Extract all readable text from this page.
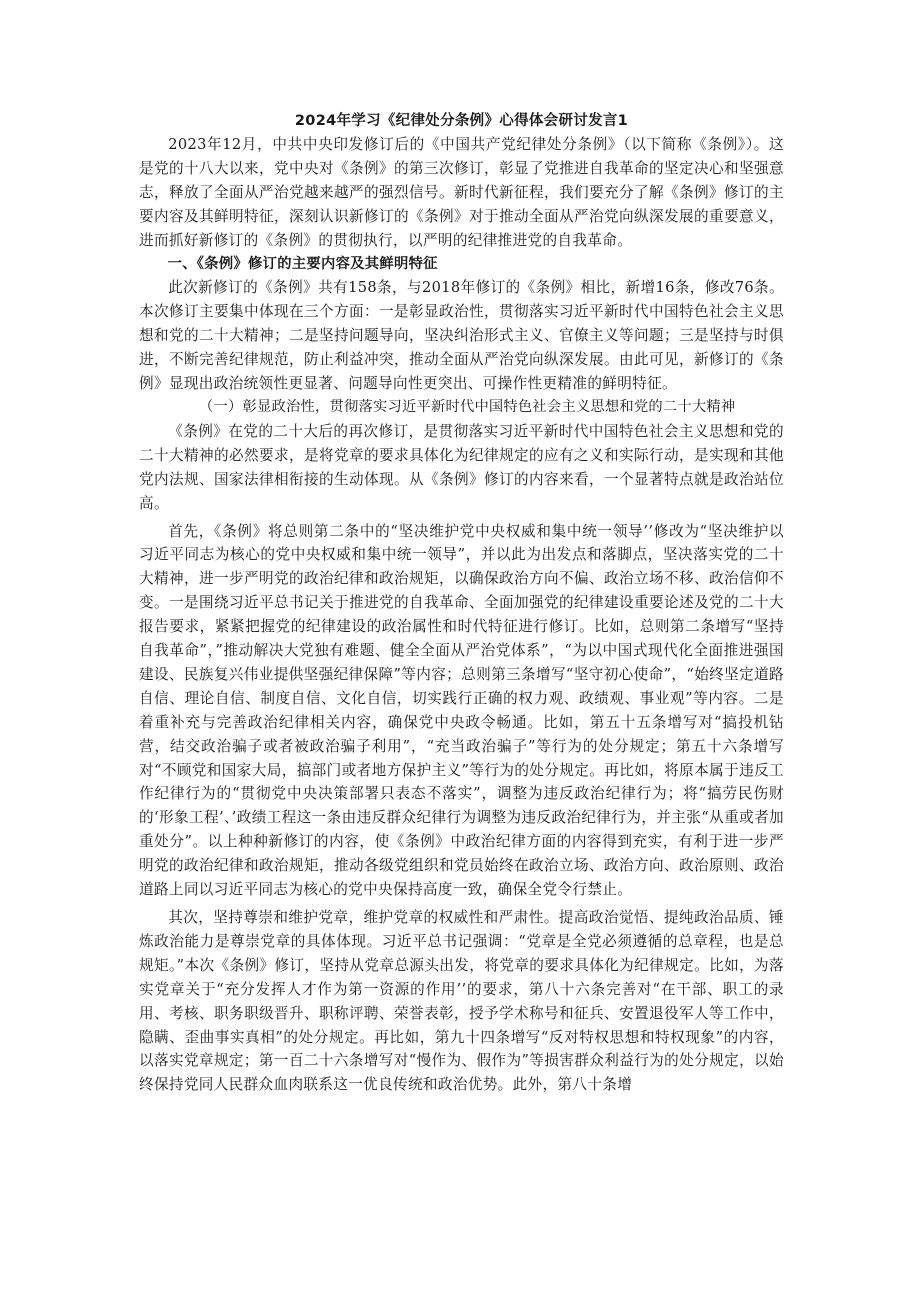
2024年学习《纪律处分条例》心得体会研讨发言1

2023年12月，中共中央印发修订后的《中国共产党纪律处分条例》（以下简称《条例》）。这是党的十八大以来，党中央对《条例》的第三次修订，彰显了党推进自我革命的坚定决心和坚强意志，释放了全面从严治党越来越严的强烈信号。新时代新征程，我们要充分了解《条例》修订的主要内容及其鲜明特征，深刻认识新修订的《条例》对于推动全面从严治党向纵深发展的重要意义，进而抓好新修订的《条例》的贯彻执行，以严明的纪律推进党的自我革命。

一、《条例》修订的主要内容及其鲜明特征

此次新修订的《条例》共有158条，与2018年修订的《条例》相比，新增16条，修改76条。本次修订主要集中体现在三个方面：一是彰显政治性，贯彻落实习近平新时代中国特色社会主义思想和党的二十大精神；二是坚持问题导向，坚决纠治形式主义、官僚主义等问题；三是坚持与时俱进，不断完善纪律规范，防止利益冲突，推动全面从严治党向纵深发展。由此可见，新修订的《条例》显现出政治统领性更显著、问题导向性更突出、可操作性更精准的鲜明特征。

（一）彰显政治性，贯彻落实习近平新时代中国特色社会主义思想和党的二十大精神

《条例》在党的二十大后的再次修订，是贯彻落实习近平新时代中国特色社会主义思想和党的二十大精神的必然要求，是将党章的要求具体化为纪律规定的应有之义和实际行动，是实现和其他党内法规、国家法律相衔接的生动体现。从《条例》修订的内容来看，一个显著特点就是政治站位高。

首先，《条例》将总则第二条中的“坚决维护党中央权威和集中统一领导’’修改为“坚决维护以习近平同志为核心的党中央权威和集中统一领导”，并以此为出发点和落脚点，坚决落实党的二十大精神，进一步严明党的政治纪律和政治规矩，以确保政治方向不偏、政治立场不移、政治信仰不变。一是围绕习近平总书记关于推进党的自我革命、全面加强党的纪律建设重要论述及党的二十大报告要求，紧紧把握党的纪律建设的政治属性和时代特征进行修订。比如，总则第二条增写“坚持自我革命”，”推动解决大党独有难题、健全全面从严治党体系”，“为以中国式现代化全面推进强国建设、民族复兴伟业提供坚强纪律保障”等内容；总则第三条增写“坚守初心使命”，“始终坚定道路自信、理论自信、制度自信、文化自信，切实践行正确的权力观、政绩观、事业观”等内容。二是着重补充与完善政治纪律相关内容，确保党中央政令畅通。比如，第五十五条增写对“搞投机钻营，结交政治骗子或者被政治骗子利用”，“充当政治骗子”等行为的处分规定；第五十六条增写对“不顾党和国家大局，搞部门或者地方保护主义”等行为的处分规定。再比如，将原本属于违反工作纪律行为的“贯彻党中央决策部署只表态不落实”，调整为违反政治纪律行为；将“搞劳民伤财的‘形象工程’、’政绩工程这一条由违反群众纪律行为调整为违反政治纪律行为，并主张“从重或者加重处分”。以上种种新修订的内容，使《条例》中政治纪律方面的内容得到充实，有利于进一步严明党的政治纪律和政治规矩，推动各级党组织和党员始终在政治立场、政治方向、政治原则、政治道路上同以习近平同志为核心的党中央保持高度一致，确保全党令行禁止。

其次，坚持尊崇和维护党章，维护党章的权威性和严肃性。提高政治觉悟、提纯政治品质、锤炼政治能力是尊崇党章的具体体现。习近平总书记强调：“党章是全党必须遵循的总章程，也是总规矩。”本次《条例》修订，坚持从党章总源头出发，将党章的要求具体化为纪律规定。比如，为落实党章关于“充分发挥人才作为第一资源的作用’’的要求，第八十六条完善对“在干部、职工的录用、考核、职务职级晋升、职称评聘、荣誉表彰，授予学术称号和征兵、安置退役军人等工作中，隐瞒、歪曲事实真相”的处分规定。再比如，第九十四条增写“反对特权思想和特权现象”的内容，以落实党章规定；第一百二十六条增写对“慢作为、假作为”等损害群众利益行为的处分规定，以始终保持党同人民群众血肉联系这一优良传统和政治优势。此外，第八十条增
